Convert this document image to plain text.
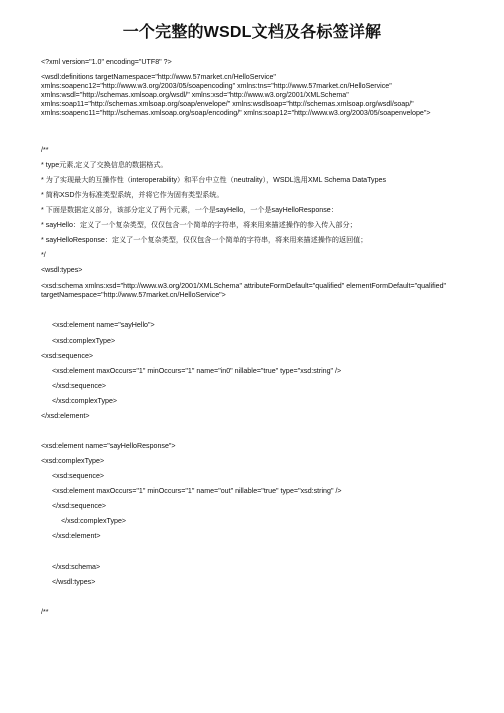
一个完整的WSDL文档及各标签详解
<?xml version="1.0" encoding="UTF8" ?>
<wsdl:definitions targetNamespace="http://www.57market.cn/HelloService"
xmlns:soapenc12="http://www.w3.org/2003/05/soapencoding" xmlns:tns="http://www.57market.cn/HelloService"
xmlns:wsdl="http://schemas.xmlsoap.org/wsdl/" xmlns:xsd="http://www.w3.org/2001/XMLSchema"
xmlns:soap11="http://schemas.xmlsoap.org/soap/envelope/" xmlns:wsdlsoap="http://schemas.xmlsoap.org/wsdl/soap/"
xmlns:soapenc11="http://schemas.xmlsoap.org/soap/encoding/" xmlns:soap12="http://www.w3.org/2003/05/soapenvelope">
/**
* type元素,定义了交换信息的数据格式。
* 为了实现最大的互操作性（interoperability）和平台中立性（neutrality），WSDL选用XML Schema DataTypes
* 简称XSD作为标准类型系统，并将它作为固有类型系统。
* 下面是数据定义部分，该部分定义了两个元素，一个是sayHello，一个是sayHelloResponse：
* sayHello：定义了一个复杂类型，仅仅包含一个简单的字符串，将来用来描述操作的参入传入部分；
* sayHelloResponse：定义了一个复杂类型，仅仅包含一个简单的字符串，将来用来描述操作的返回值；
*/
<wsdl:types>
<xsd:schema xmlns:xsd="http://www.w3.org/2001/XMLSchema" attributeFormDefault="qualified" elementFormDefault="qualified"
targetNamespace="http://www.57market.cn/HelloService">
<xsd:element name="sayHello">
<xsd:complexType>
<xsd:sequence>
<xsd:element maxOccurs="1" minOccurs="1" name="in0" nillable="true" type="xsd:string" />
</xsd:sequence>
</xsd:complexType>
</xsd:element>
<xsd:element name="sayHelloResponse">
<xsd:complexType>
<xsd:sequence>
<xsd:element maxOccurs="1" minOccurs="1" name="out" nillable="true" type="xsd:string" />
</xsd:sequence>
</xsd:complexType>
</xsd:element>
</xsd:schema>
</wsdl:types>
/**
